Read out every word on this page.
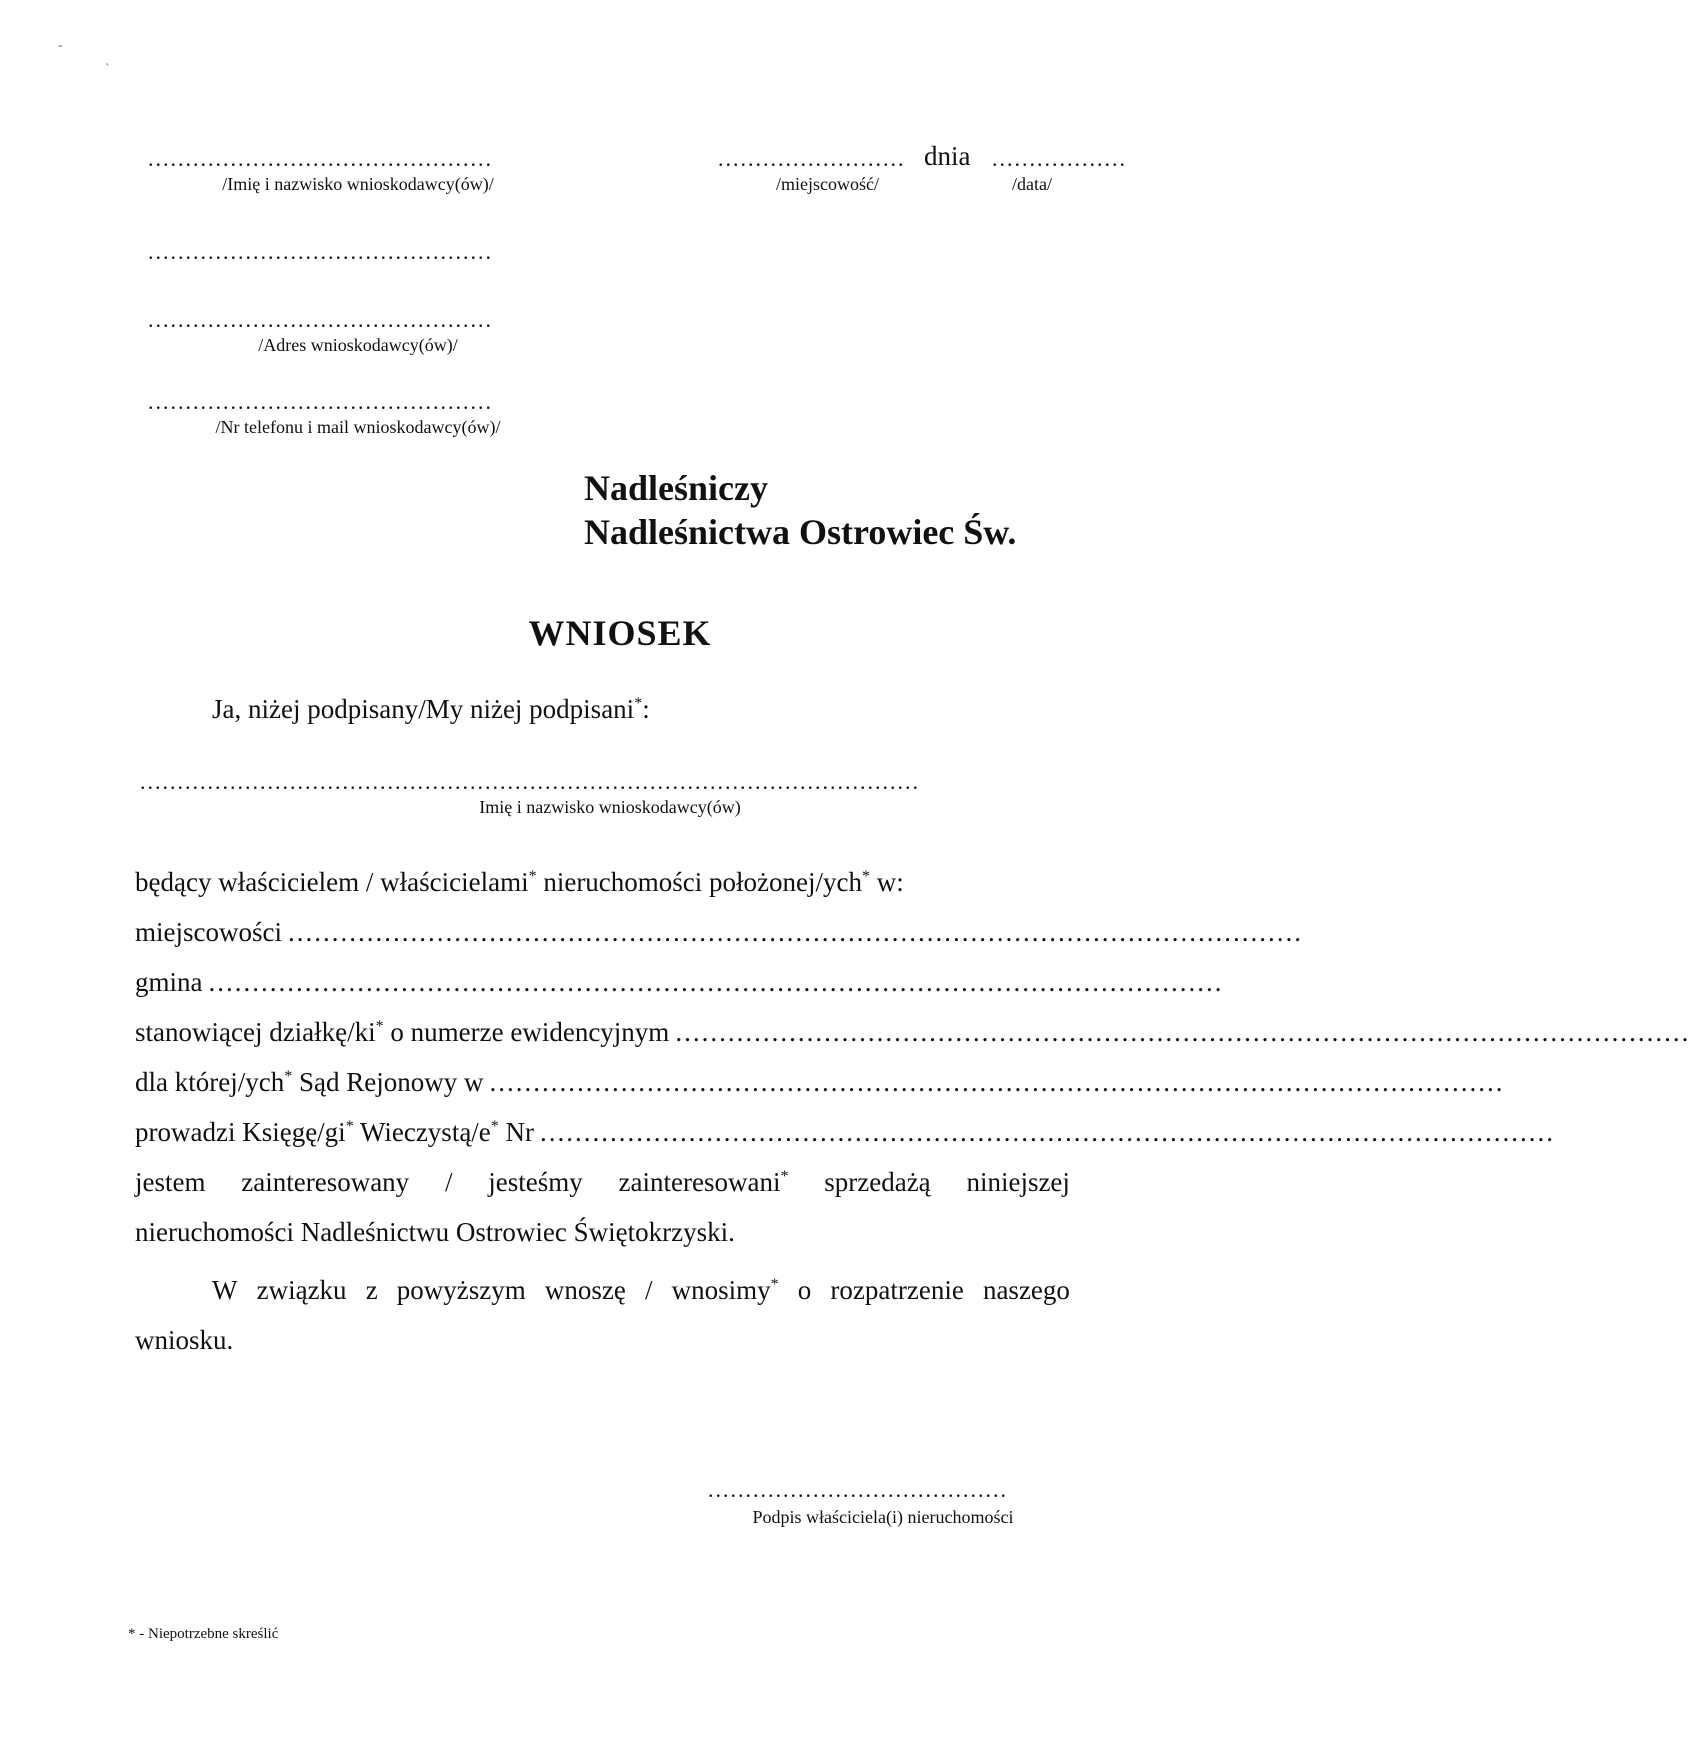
-
`
..............................................
/Imię i nazwisko wnioskodawcy(ów)/
......................... dnia ..................
/miejscowość/	/data/
..............................................
..............................................
/Adres wnioskodawcy(ów)/
..............................................
/Nr telefonu i mail wnioskodawcy(ów)/
Nadleśniczy
Nadleśnictwa Ostrowiec Św.
WNIOSEK
Ja, niżej podpisany/My niżej podpisani*:
........................................................................................................
Imię i nazwisko wnioskodawcy(ów)
będący właścicielem / właścicielami* nieruchomości położonej/ych* w:
miejscowości ....................................................................................................................
gmina ....................................................................................................................
stanowiącej działkę/ki* o numerze ewidencyjnym ....................................................................................................................
dla której/ych* Sąd Rejonowy w ....................................................................................................................
prowadzi Księgę/gi* Wieczystą/e* Nr ....................................................................................................................
jestem zainteresowany / jesteśmy zainteresowani* sprzedażą niniejszej
nieruchomości Nadleśnictwu Ostrowiec Świętokrzyski.
W związku z powyższym wnoszę / wnosimy* o rozpatrzenie naszego
wniosku.
........................................
Podpis właściciela(i) nieruchomości
* - Niepotrzebne skreślić
